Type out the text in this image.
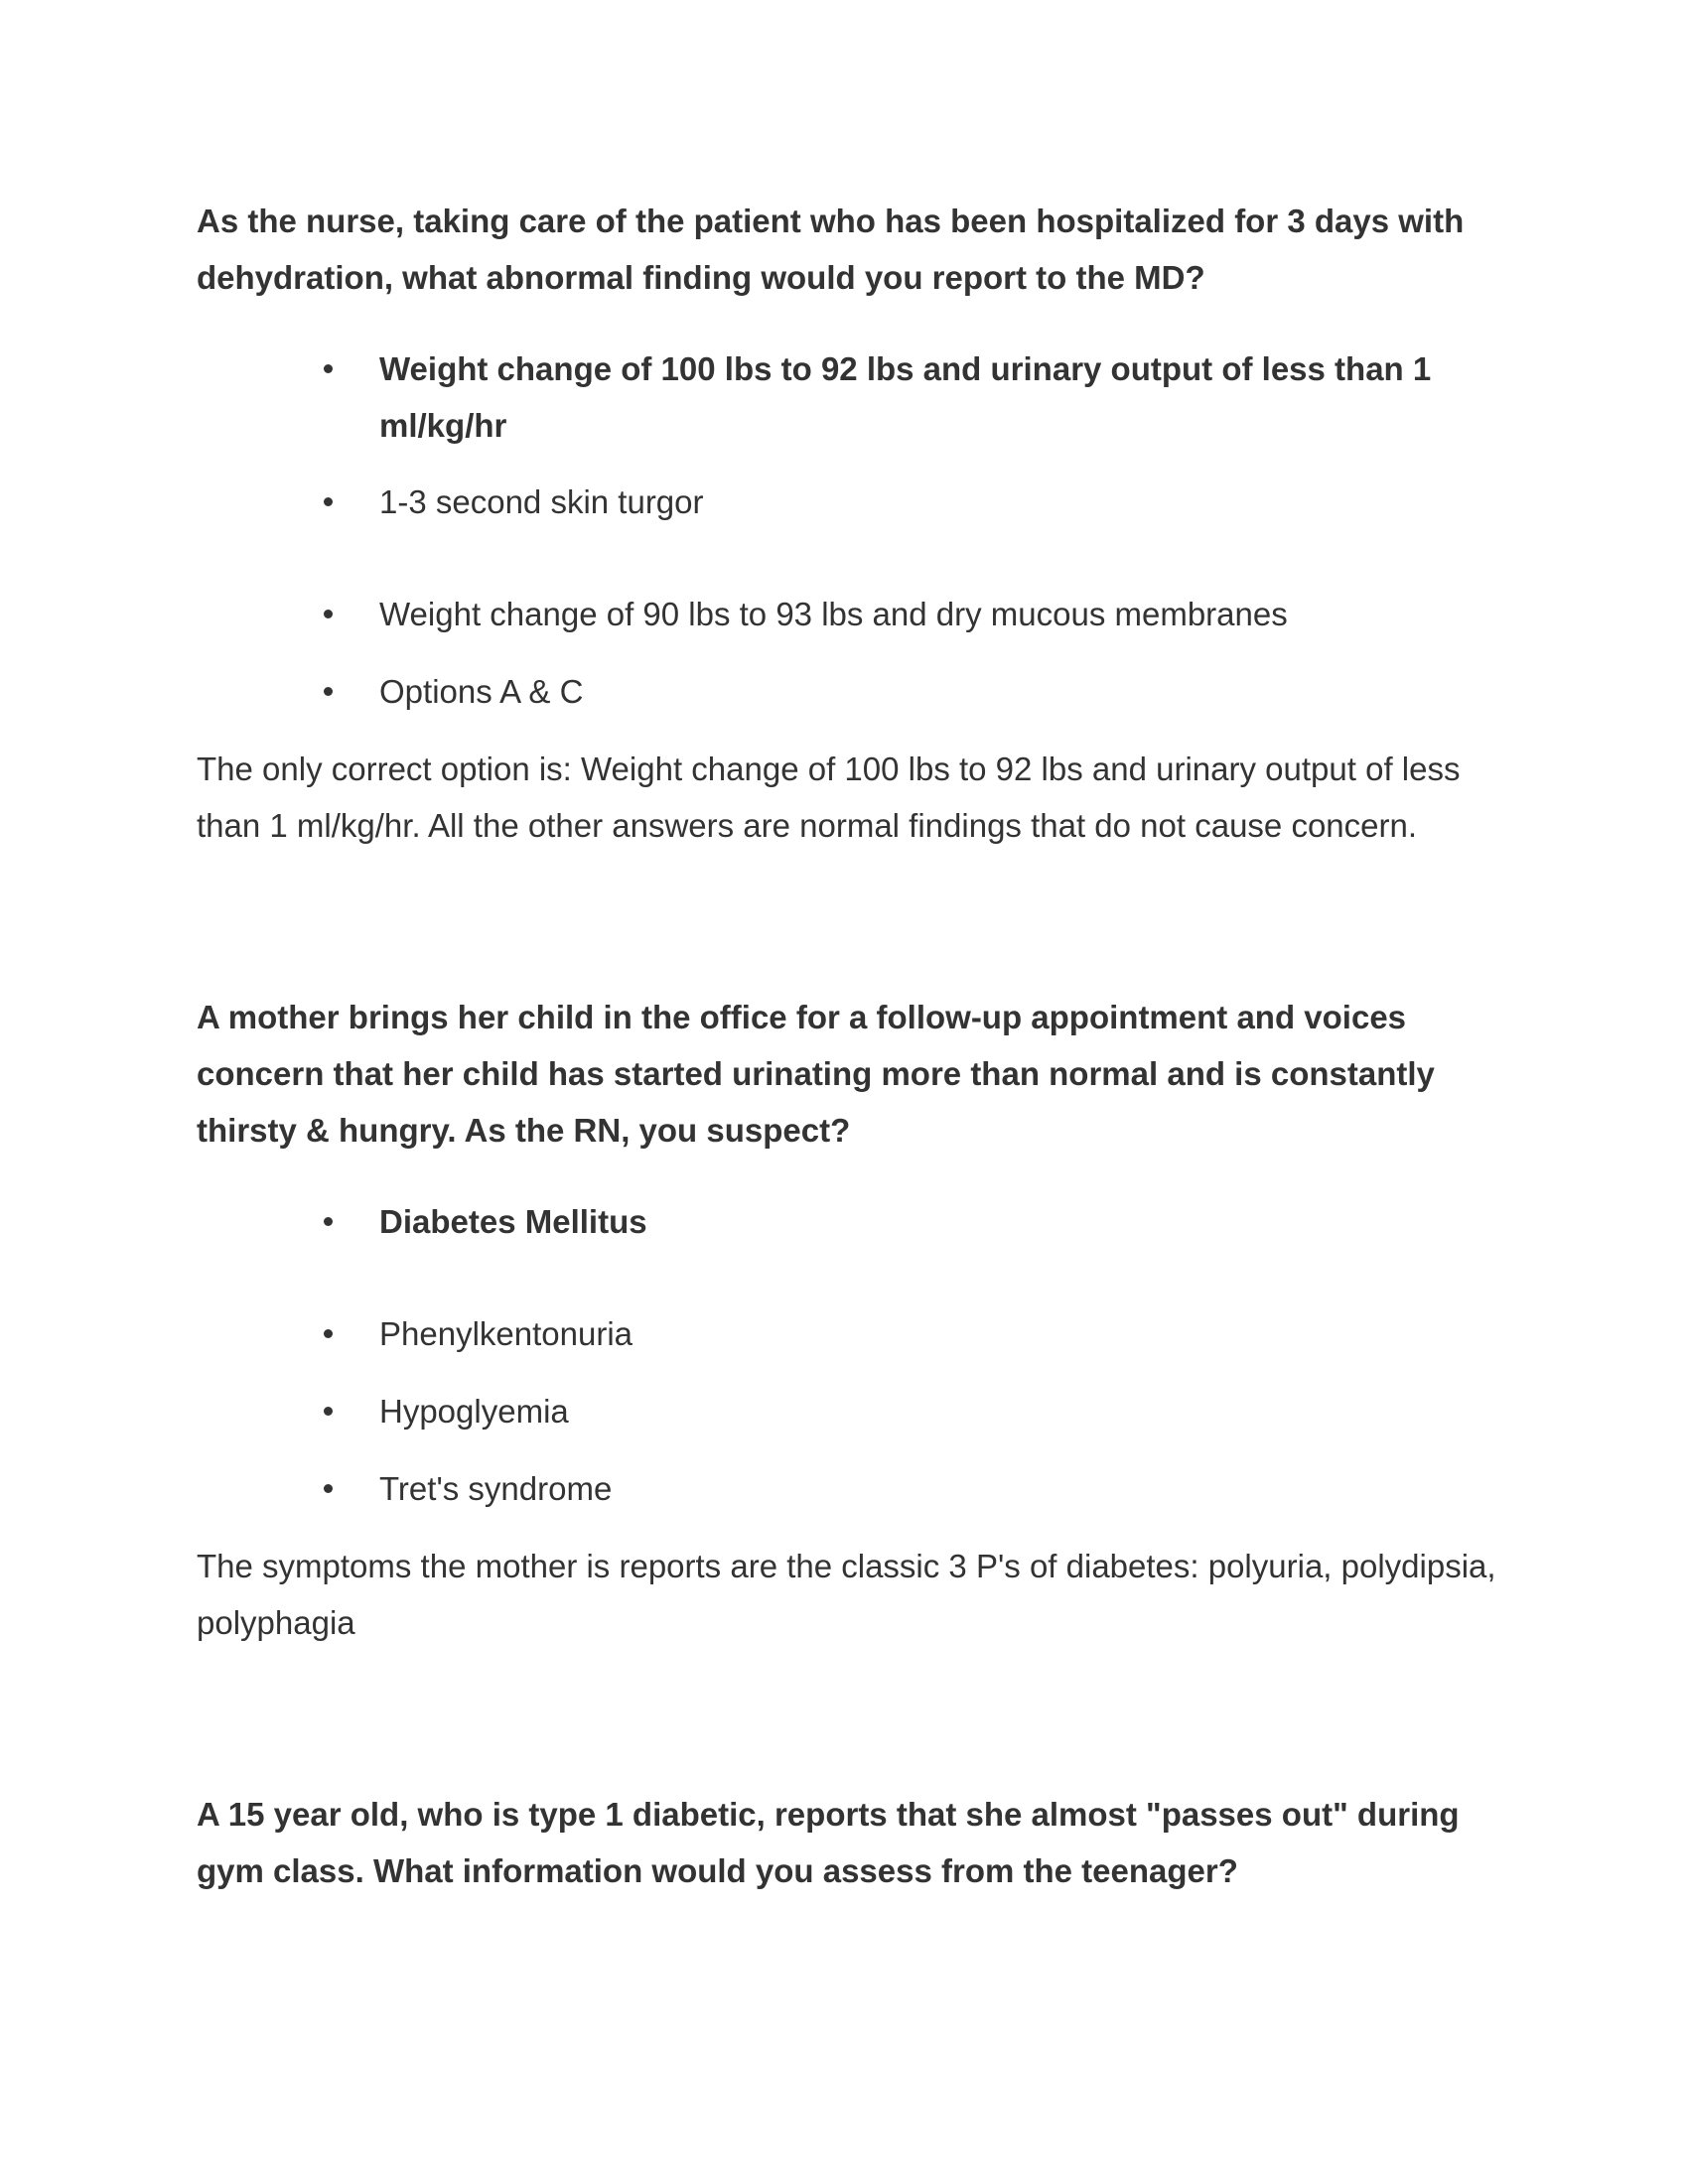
As the nurse, taking care of the patient who has been hospitalized for 3 days with dehydration, what abnormal finding would you report to the MD?

Weight change of 100 lbs to 92 lbs and urinary output of less than 1 ml/kg/hr
1-3 second skin turgor
Weight change of 90 lbs to 93 lbs and dry mucous membranes
Options A & C

The only correct option is: Weight change of 100 lbs to 92 lbs and urinary output of less than 1 ml/kg/hr. All the other answers are normal findings that do not cause concern.

A mother brings her child in the office for a follow-up appointment and voices concern that her child has started urinating more than normal and is constantly thirsty & hungry. As the RN, you suspect?

Diabetes Mellitus
Phenylkentonuria
Hypoglyemia
Tret's syndrome

The symptoms the mother is reports are the classic 3 P's of diabetes: polyuria, polydipsia, polyphagia

A 15 year old, who is type 1 diabetic, reports that she almost "passes out" during gym class. What information would you assess from the teenager?
